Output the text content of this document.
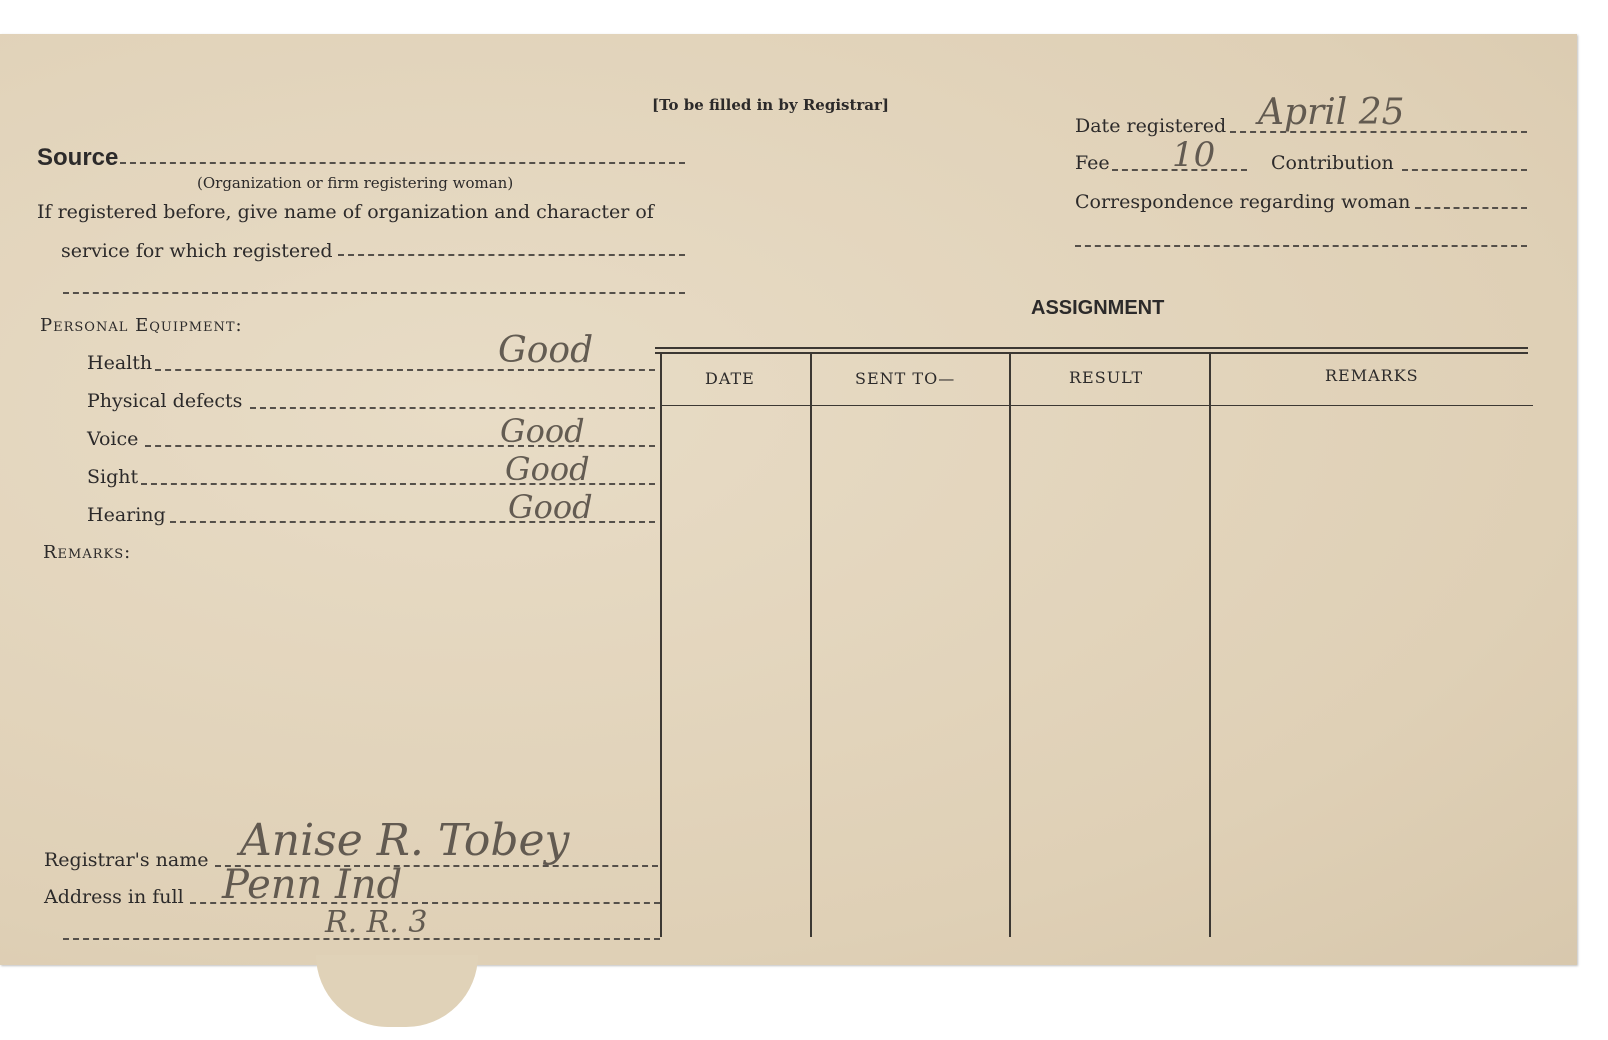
[To be filled in by Registrar]
Source
(Organization or firm registering woman)
If registered before, give name of organization and character of
service for which registered
Personal Equipment:
Health	Good
Physical defects
Voice	Good
Sight	Good
Hearing	Good
Remarks:
Registrar's name Anise R. Tobey
Address in full Penn Ind
R. R. 3
Date registered April 25
Fee 10	Contribution
Correspondence regarding woman
ASSIGNMENT
DATE	SENT TO—	RESULT	REMARKS
